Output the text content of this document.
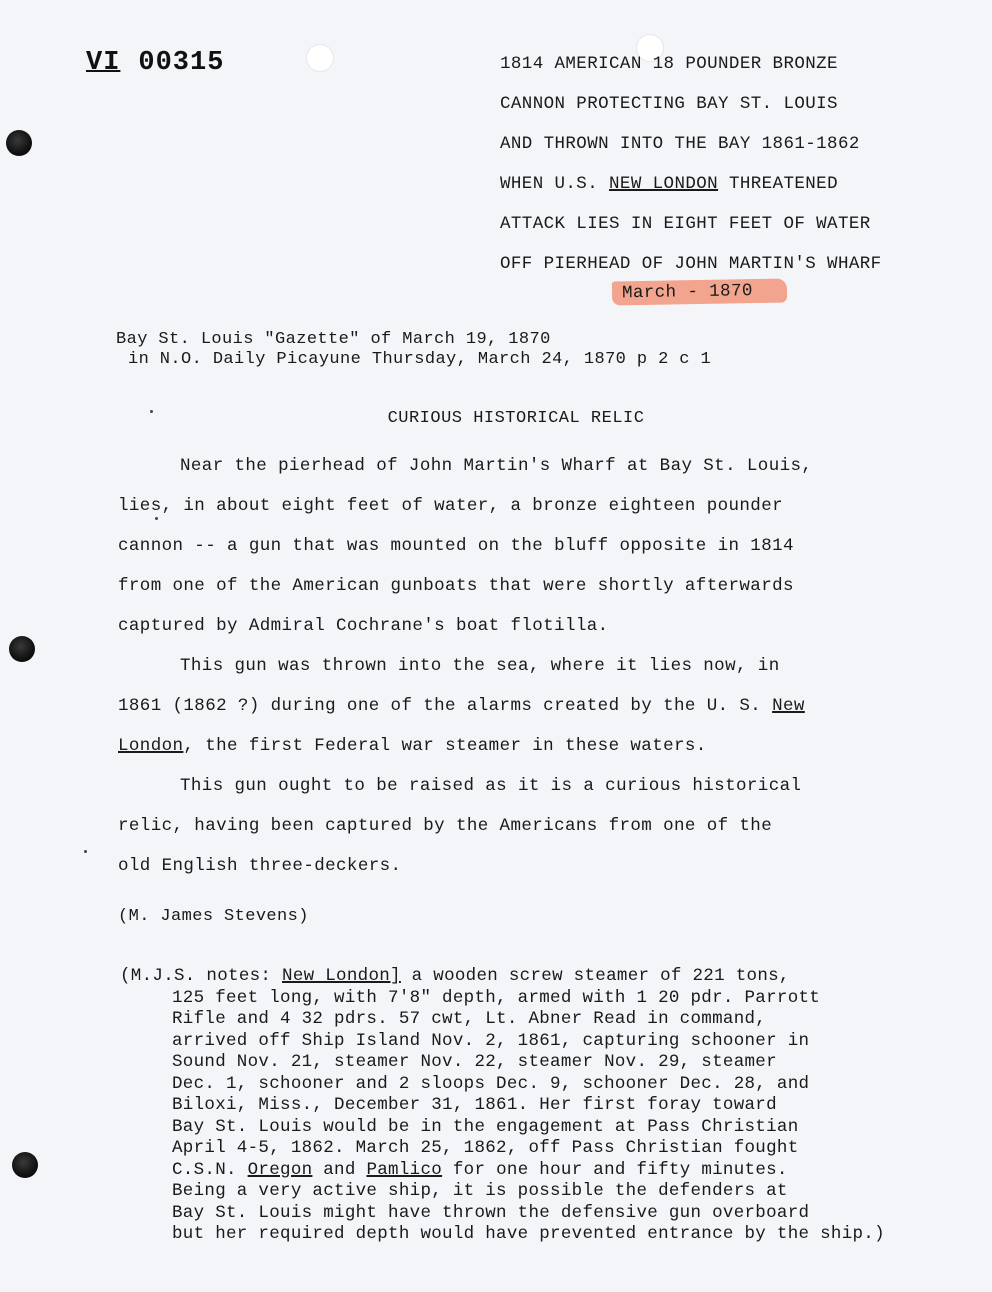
VI 00315	1814 AMERICAN 18 POUNDER BRONZE
CANNON PROTECTING BAY ST. LOUIS
AND THROWN INTO THE BAY 1861-1862
WHEN U.S. NEW LONDON THREATENED
ATTACK LIES IN EIGHT FEET OF WATER
OFF PIERHEAD OF JOHN MARTIN'S WHARF
March - 1870
Bay St. Louis "Gazette" of March 19, 1870
in N.O. Daily Picayune Thursday, March 24, 1870 p 2 c 1
CURIOUS HISTORICAL RELIC
Near the pierhead of John Martin's Wharf at Bay St. Louis,
lies, in about eight feet of water, a bronze eighteen pounder
cannon -- a gun that was mounted on the bluff opposite in 1814
from one of the American gunboats that were shortly afterwards
captured by Admiral Cochrane's boat flotilla.
This gun was thrown into the sea, where it lies now, in
1861 (1862 ?) during one of the alarms created by the U. S. New
London, the first Federal war steamer in these waters.
This gun ought to be raised as it is a curious historical
relic, having been captured by the Americans from one of the
old English three-deckers.
(M. James Stevens)
(M.J.S. notes: New London] a wooden screw steamer of 221 tons,
125 feet long, with 7'8" depth, armed with 1 20 pdr. Parrott
Rifle and 4 32 pdrs. 57 cwt, Lt. Abner Read in command,
arrived off Ship Island Nov. 2, 1861, capturing schooner in
Sound Nov. 21, steamer Nov. 22, steamer Nov. 29, steamer
Dec. 1, schooner and 2 sloops Dec. 9, schooner Dec. 28, and
Biloxi, Miss., December 31, 1861. Her first foray toward
Bay St. Louis would be in the engagement at Pass Christian
April 4-5, 1862. March 25, 1862, off Pass Christian fought
C.S.N. Oregon and Pamlico for one hour and fifty minutes.
Being a very active ship, it is possible the defenders at
Bay St. Louis might have thrown the defensive gun overboard
but her required depth would have prevented entrance by the ship.)
